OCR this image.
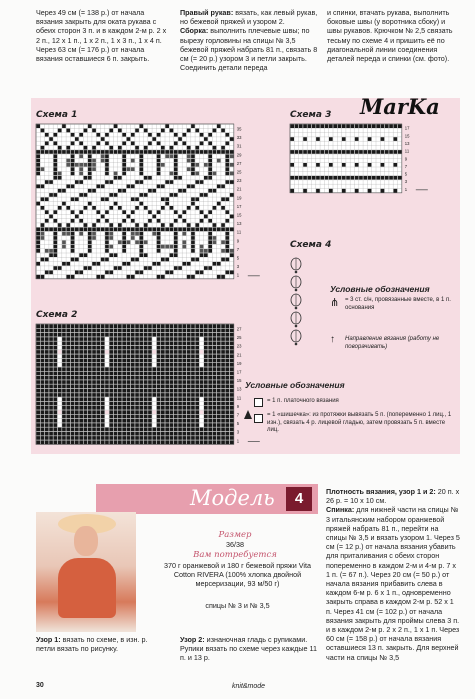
Через 49 см (= 138 р.) от начала вязания закрыть для оката рукава с обеих сторон 3 п. и в каждом 2-м р. 2 х 2 п., 12 х 1 п., 1 х 2 п., 1 х 3 п., 1 х 4 п. Через 63 см (= 176 р.) от начала вязания оставшиеся 6 п. закрыть.

Правый рукав: вязать, как левый рукав, но бежевой пряжей и узором 2.

Сборка: выполнить плечевые швы; по вырезу горловины на спицы № 3,5 бежевой пряжей набрать 81 п., связать 8 см (= 20 р.) узором 3 и петли закрыть. Соединить детали переда

и спинки, втачать рукава, выполнить боковые швы (у воротника сбоку) и швы рукавов. Крючком № 2,5 связать тесьму по схеме 4 и пришить её по диагональной линии соединения деталей переда и спинки (см. фото).

MarKa
Схема 1
Схема 2
Схема 3
Схема 4
35
33
31
29
27
25
23
21
19
17
15
13
11
9
7
5
3
1
27
25
23
21
19
17
15
13
11
9
7
5
3
1
17
15
13
11
9
7
5
3
1
Условные обозначения
= 3 ст. с/н, провязанные вместе, в 1 п. основания
⋔
Направление вязания (работу не поворачивать)
↑
Условные обозначения
= 1 п. платочного вязания
= 1 «шишечка»: из протяжки вывязать 5 п. (попеременно 1 лиц., 1 изн.), связать 4 р. лицевой гладью, затем провязать 5 п. вместе лиц.
Модель	4
Размер
36/38
Вам потребуется
370 г оранжевой и 180 г бежевой пряжи Vita Cotton RIVERA (100% хлопка двойной мерсеризации, 93 м/50 г)
спицы № 3 и № 3,5

Плотность вязания, узор 1 и 2: 20 п. х 26 р. = 10 х 10 см.

Спинка: для нижней части на спицы № 3 итальянским набором оранжевой пряжей набрать 81 п., перейти на спицы № 3,5 и вязать узором 1. Через 5 см (= 12 р.) от начала вязания убавить для приталивания с обеих сторон попеременно в каждом 2-м и 4-м р. 7 х 1 п. (= 67 п.). Через 20 см (= 50 р.) от начала вязания прибавить слева в каждом 6-м р. 6 х 1 п., одновременно закрыть справа в каждом 2-м р. 52 х 1 п. Через 41 см (= 102 р.) от начала вязания закрыть для проймы слева 3 п. и в каждом 2-м р. 2 х 2 п., 1 х 1 п. Через 60 см (= 158 р.) от начала вязания оставшиеся 13 п. закрыть. Для верхней части на спицы № 3,5

Узор 1: вязать по схеме, в изн. р. петли вязать по рисунку.

Узор 2: изнаночная гладь с рупиками. Рупики вязать по схеме через каждые 11 п. и 13 р.

30	knit&mode
